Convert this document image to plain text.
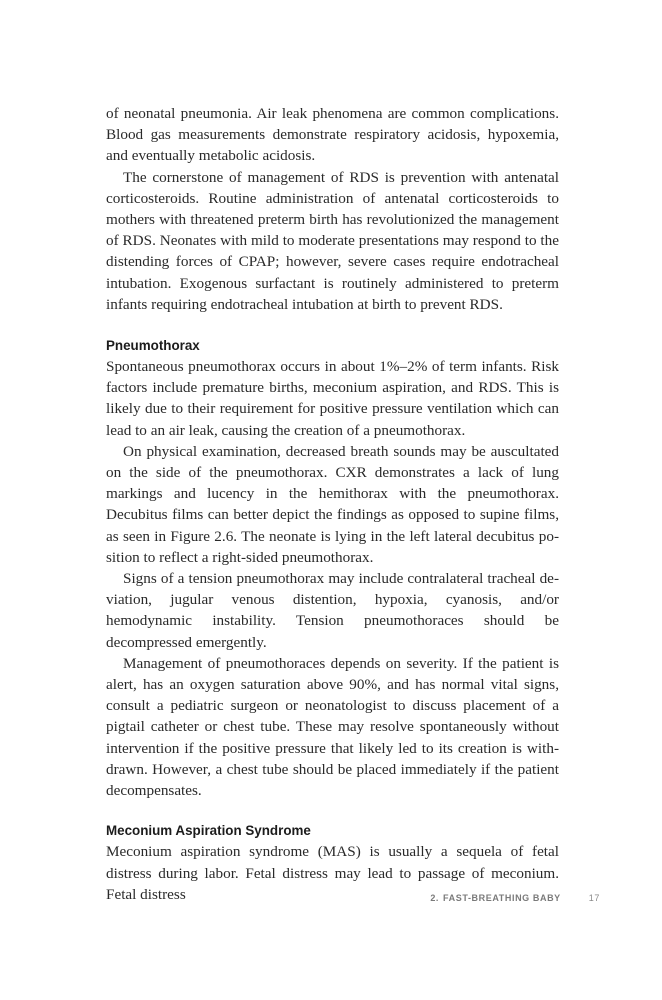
of neonatal pneumonia. Air leak phenomena are common complications. Blood gas measurements demonstrate respiratory acidosis, hypoxemia, and eventually metabolic acidosis.

The cornerstone of management of RDS is prevention with antenatal corticosteroids. Routine administration of antenatal corticosteroids to mothers with threatened preterm birth has revolutionized the management of RDS. Neonates with mild to moderate presentations may respond to the distending forces of CPAP; however, severe cases require endotracheal intubation. Exogenous surfactant is routinely administered to preterm infants requiring endotracheal intubation at birth to prevent RDS.

Pneumothorax

Spontaneous pneumothorax occurs in about 1%–2% of term infants. Risk factors include premature births, meconium aspiration, and RDS. This is likely due to their requirement for positive pressure ventilation which can lead to an air leak, causing the creation of a pneumothorax.

On physical examination, decreased breath sounds may be auscultated on the side of the pneumothorax. CXR demonstrates a lack of lung markings and lucency in the hemithorax with the pneumothorax. Decubitus films can better depict the findings as opposed to supine films, as seen in Figure 2.6. The neonate is lying in the left lateral decubitus position to reflect a right-sided pneumothorax.

Signs of a tension pneumothorax may include contralateral tracheal deviation, jugular venous distention, hypoxia, cyanosis, and/or hemodynamic instability. Tension pneumothoraces should be decompressed emergently.

Management of pneumothoraces depends on severity. If the patient is alert, has an oxygen saturation above 90%, and has normal vital signs, consult a pediatric surgeon or neonatologist to discuss placement of a pigtail catheter or chest tube. These may resolve spontaneously without intervention if the positive pressure that likely led to its creation is withdrawn. However, a chest tube should be placed immediately if the patient decompensates.

Meconium Aspiration Syndrome

Meconium aspiration syndrome (MAS) is usually a sequela of fetal distress during labor. Fetal distress may lead to passage of meconium. Fetal distress	2. FAST-BREATHING BABY	17
